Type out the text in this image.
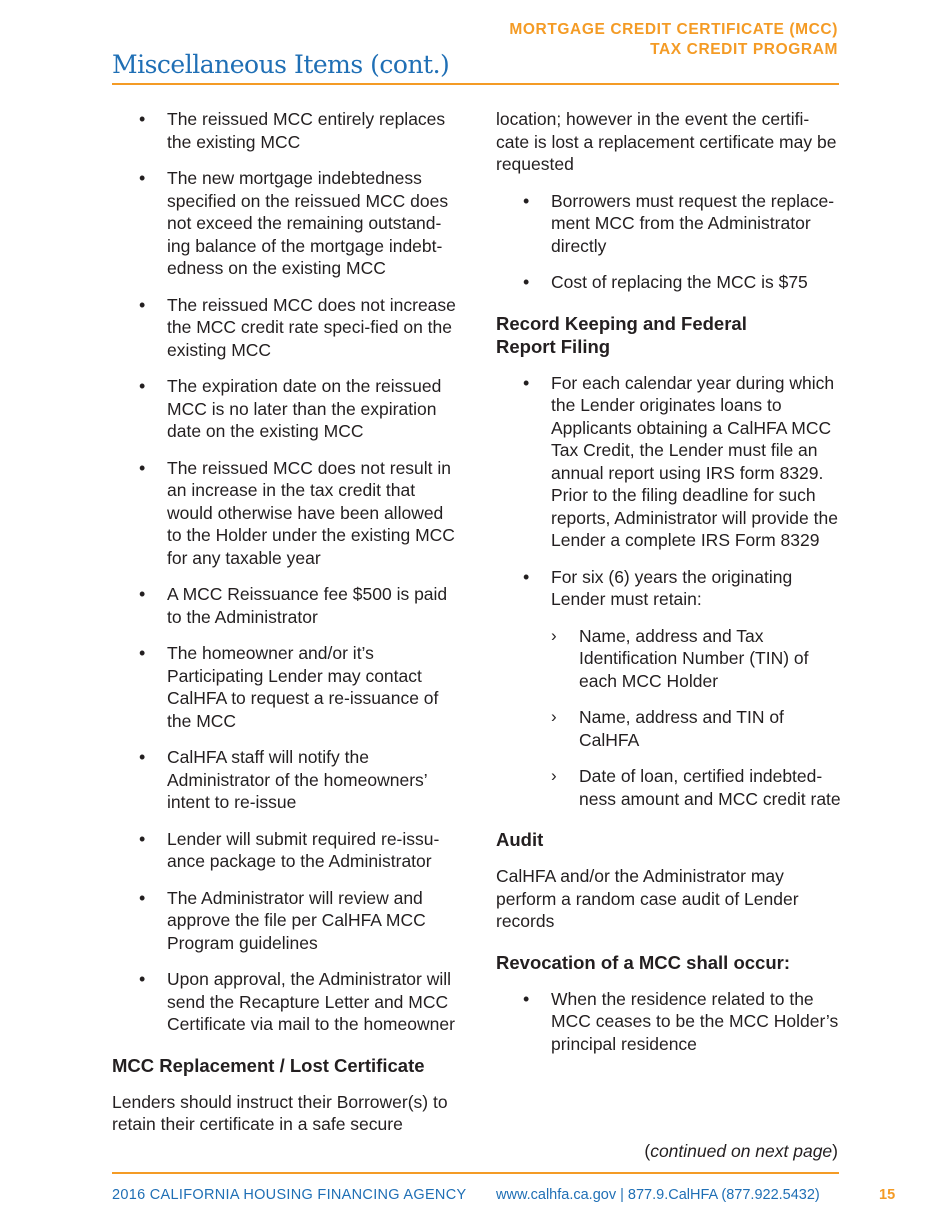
MORTGAGE CREDIT CERTIFICATE (MCC)
TAX CREDIT PROGRAM
Miscellaneous Items (cont.)
• The reissued MCC entirely replaces the existing MCC
• The new mortgage indebtedness specified on the reissued MCC does not exceed the remaining outstand-ing balance of the mortgage indebt-edness on the existing MCC
• The reissued MCC does not increase the MCC credit rate speci-fied on the existing MCC
• The expiration date on the reissued MCC is no later than the expiration date on the existing MCC
• The reissued MCC does not result in an increase in the tax credit that would otherwise have been allowed to the Holder under the existing MCC for any taxable year
• A MCC Reissuance fee $500 is paid to the Administrator
• The homeowner and/or it’s Participating Lender may contact CalHFA to request a re-issuance of the MCC
• CalHFA staff will notify the Administrator of the homeowners’ intent to re-issue
• Lender will submit required re-issu-ance package to the Administrator
• The Administrator will review and approve the file per CalHFA MCC Program guidelines
• Upon approval, the Administrator will send the Recapture Letter and MCC Certificate via mail to the homeowner
MCC Replacement / Lost Certificate
Lenders should instruct their Borrower(s) to retain their certificate in a safe secure
location; however in the event the certifi-cate is lost a replacement certificate may be requested
• Borrowers must request the replace-ment MCC from the Administrator directly
• Cost of replacing the MCC is $75
Record Keeping and Federal
Report Filing
• For each calendar year during which the Lender originates loans to Applicants obtaining a CalHFA MCC Tax Credit, the Lender must file an annual report using IRS form 8329. Prior to the filing deadline for such reports, Administrator will provide the Lender a complete IRS Form 8329
• For six (6) years the originating Lender must retain:
› Name, address and Tax Identification Number (TIN) of each MCC Holder
› Name, address and TIN of CalHFA
› Date of loan, certified indebted-ness amount and MCC credit rate
Audit
CalHFA and/or the Administrator may perform a random case audit of Lender records
Revocation of a MCC shall occur:
• When the residence related to the MCC ceases to be the MCC Holder’s principal residence
(continued on next page)
2016 CALIFORNIA HOUSING FINANCING AGENCY www.calhfa.ca.gov | 877.9.CalHFA (877.922.5432)	15
